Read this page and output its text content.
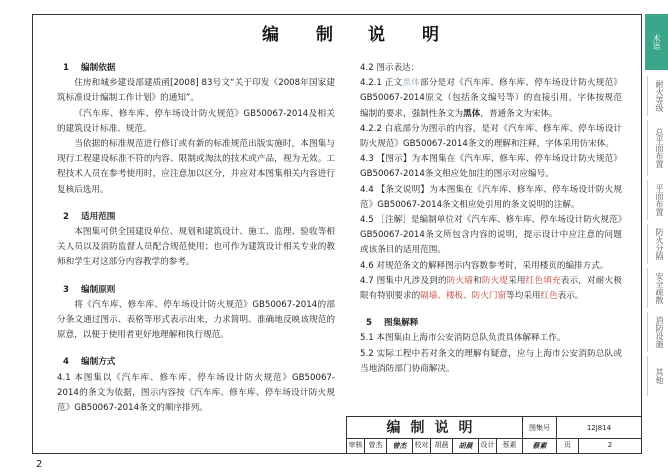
编 制 说 明

1 编制依据

住房和城乡建设部建质函[2008] 83号文“关于印发《2008年国家建筑标准设计编制工作计划》的通知”。

《汽车库、修车库、停车场设计防火规范》GB50067-2014及相关的建筑设计标准、规范。

当依据的标准规范进行修订或有新的标准规范出版实施时，本图集与现行工程建设标准不符的内容、限制或淘汰的技术或产品，视为无效。工程技术人员在参考使用时，应注意加以区分，并应对本图集相关内容进行复核后选用。

2 适用范围

本图集可供全国建设单位、规划和建筑设计、施工、监理、验收等相关人员以及消防监督人员配合规范使用；也可作为建筑设计相关专业的教师和学生对这部分内容教学的参考。

3 编制原则

将《汽车库、修车库、停车场设计防火规范》GB50067-2014的部分条文通过图示、表格等形式表示出来，力求简明、准确地反映该规范的原意，以便于使用者更好地理解和执行规范。

4 编制方式

4.1 本图集以《汽车库、修车库、停车场设计防火规范》GB50067-2014的条文为依据，图示内容按《汽车库、修车库、停车场设计防火规范》GB50067-2014条文的顺序排列。

4.2 图示表达：

4.2.1 正文黑体部分是对《汽车库、修车库、停车场设计防火规范》GB50067-2014原文（包括条文编号等）的直接引用，字体按规范编制的要求，强制性条文为黑体，普通条文为宋体。

4.2.2 白底部分为图示的内容，是对《汽车库、修车库、停车场设计防火规范》GB50067-2014条文的理解和注释，字体采用仿宋体。

4.3 【图示】为本图集在《汽车库、修车库、停车场设计防火规范》GB50067-2014条文相应处加注的图示对应编号。

4.4 【条文说明】为本图集在《汽车库、修车库、停车场设计防火规范》GB50067-2014条文相应处引用的条文说明的注解。

4.5 ［注解］是编制单位对《汽车库、修车库、停车场设计防火规范》GB50067-2014条文所包含内容的说明，提示设计中应注意的问题或该条目的适用范围。

4.6 对规范条文的解释图示内容数参考时，采用楼页的编排方式。

4.7 图集中凡涉及到的防火墙和防火堤采用红色填充表示，对耐火极限有特别要求的隔墙、楼板、防火门窗等均采用红色表示。

5 图集解释

5.1 本图集由上海市公安消防总队负责具体解释工作。

5.2 实际工程中若对条文的理解有疑意，应与上海市公安消防总队或当地消防部门协商解决。

编制说明	图集号	12J814
审核 曾杰	曾杰	校对 胡晨	胡晨	设计	蔡素	蔡素	页	2
术语
耐火等级
总平面布置
平面布置
防火分隔
安全疏散
消防设施
其他
2
